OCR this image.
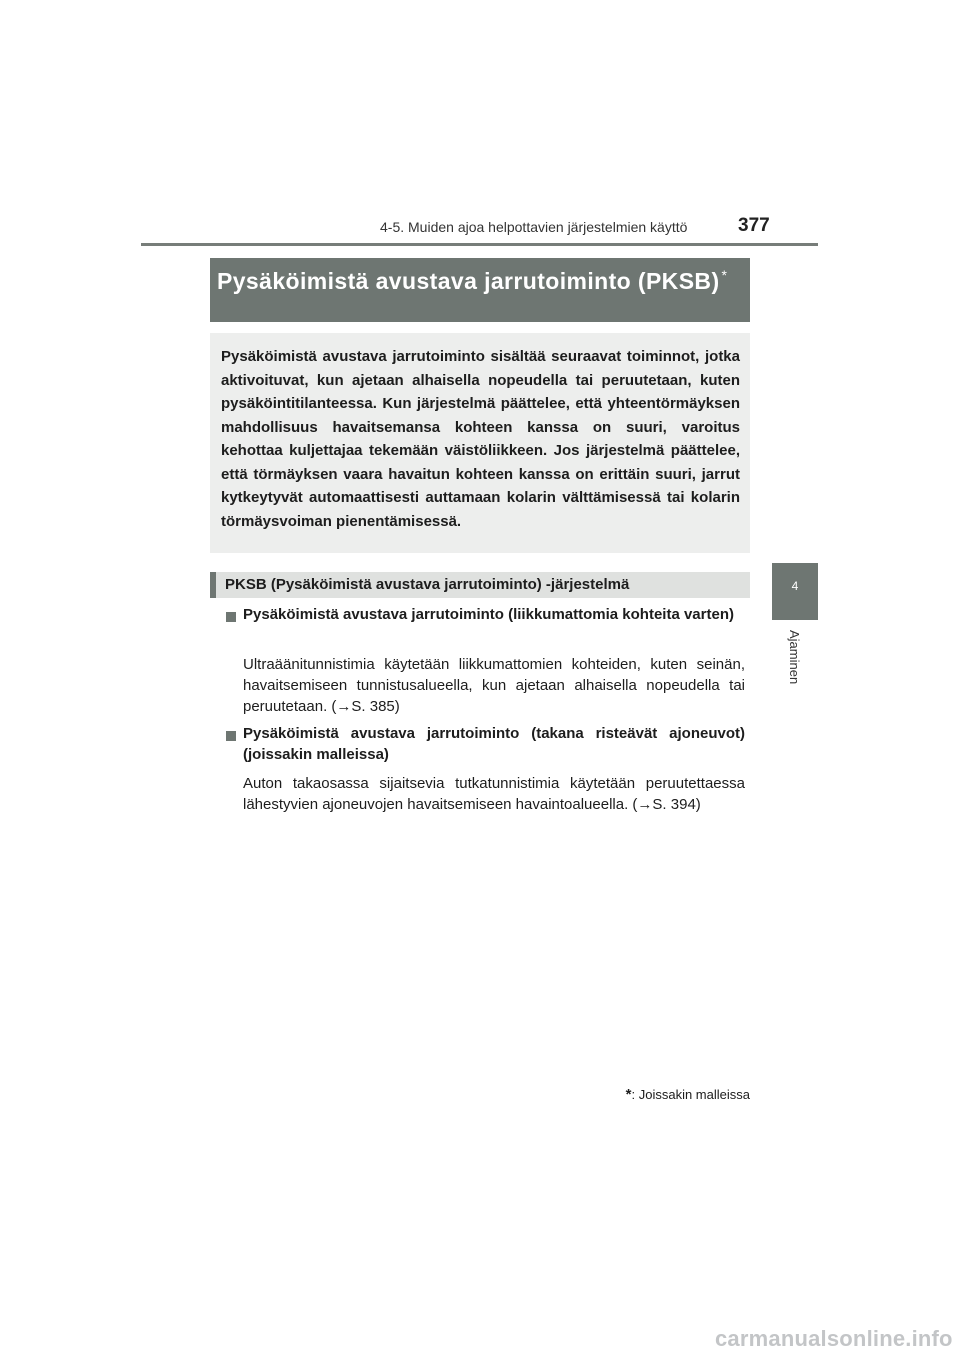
4-5. Muiden ajoa helpottavien järjestelmien käyttö	377
4
Ajaminen
Pysäköimistä avustava jarrutoiminto (PKSB) *
Pysäköimistä avustava jarrutoiminto sisältää seuraavat toiminnot, jotka aktivoituvat, kun ajetaan alhaisella nopeudella tai peruutetaan, kuten pysäköintitilanteessa. Kun järjestelmä päättelee, että yhteentörmäyksen mahdollisuus havaitsemansa kohteen kanssa on suuri, varoitus kehottaa kuljettajaa tekemään väistöliikkeen. Jos järjestelmä päättelee, että törmäyksen vaara havaitun kohteen kanssa on erittäin suuri, jarrut kytkeytyvät automaattisesti auttamaan kolarin välttämisessä tai kolarin törmäysvoiman pienentämisessä.
PKSB (Pysäköimistä avustava jarrutoiminto) -järjestelmä
Pysäköimistä avustava jarrutoiminto (liikkumattomia kohteita varten)
Ultraäänitunnistimia käytetään liikkumattomien kohteiden, kuten seinän, havaitsemiseen tunnistusalueella, kun ajetaan alhaisella nopeudella tai peruutetaan. (→S. 385)
Pysäköimistä avustava jarrutoiminto (takana risteävät ajoneuvot) (joissakin malleissa)
Auton takaosassa sijaitsevia tutkatunnistimia käytetään peruutettaessa lähestyvien ajoneuvojen havaitsemiseen havaintoalueella. (→S. 394)
*: Joissakin malleissa
carmanualsonline.info
